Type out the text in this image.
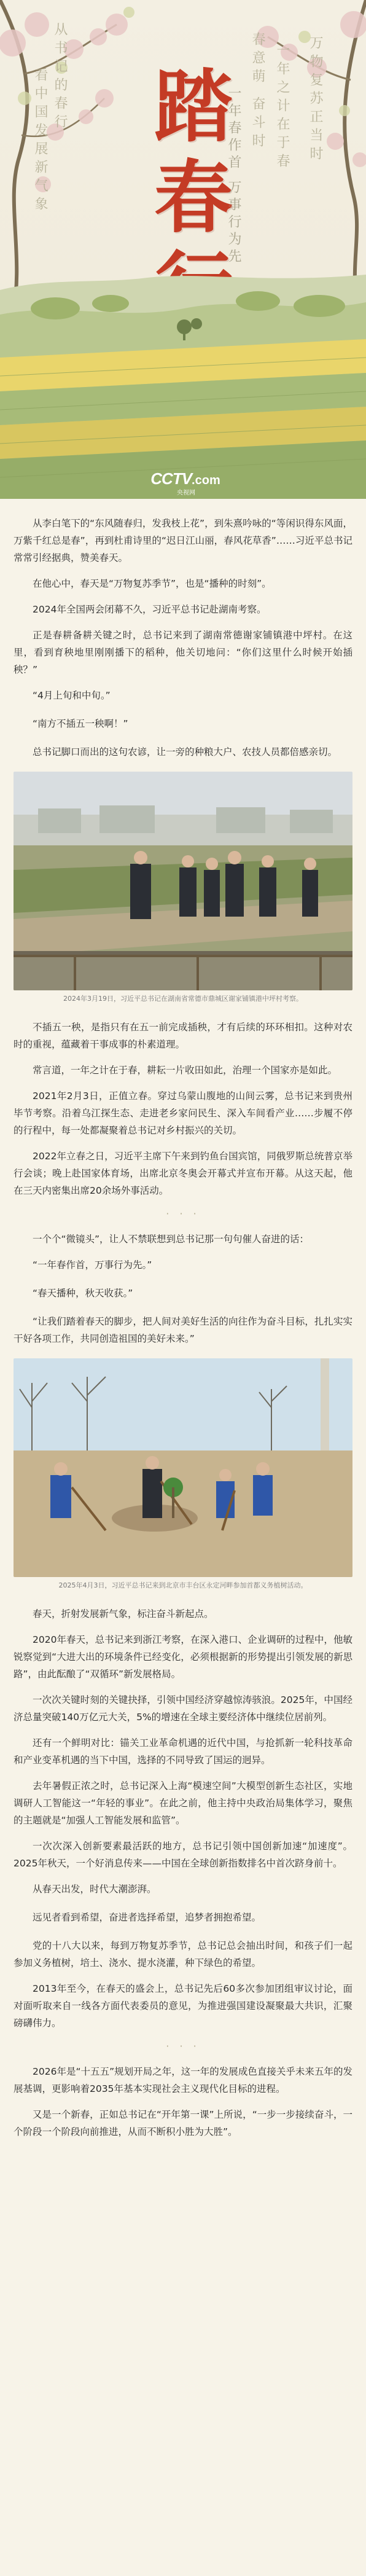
从书记的春行
看中国发展新气象	春意萌 奋斗时 一年之计在于春 万物复苏正当时
踏春
一年春作首 万事行为先
CCTV.com央视网

从李白笔下的“东风随春归，发我枝上花”，到朱熹吟咏的“等闲识得东风面，万紫千红总是春”，再到杜甫诗里的“迟日江山丽，春风花草香”……习近平总书记常常引经据典，赞美春天。

在他心中，春天是“万物复苏季节”，也是“播种的时刻”。

2024年全国两会闭幕不久，习近平总书记赴湖南考察。

正是春耕备耕关键之时，总书记来到了湖南常德谢家铺镇港中坪村。在这里，看到育秧地里刚刚播下的稻种，他关切地问：“你们这里什么时候开始插秧？”

“4月上旬和中旬。”

“南方不插五一秧啊！”

总书记脚口而出的这句农谚，让一旁的种粮大户、农技人员都倍感亲切。

2024年3月19日，习近平总书记在湖南省常德市鼎城区谢家铺镇港中坪村考察。

不插五一秧，是指只有在五一前完成插秧，才有后续的环环相扣。这种对农时的重视，蕴藏着干事成事的朴素道理。

常言道，一年之计在于春，耕耘一片收田如此，治理一个国家亦是如此。

2021年2月3日，正值立春。穿过乌蒙山腹地的山间云雾，总书记来到贵州毕节考察。沿着乌江探生态、走进老乡家问民生、深入车间看产业……步履不停的行程中，每一处都凝聚着总书记对乡村振兴的关切。

2022年立春之日，习近平主席下午来到钓鱼台国宾馆，同俄罗斯总统普京举行会谈；晚上赴国家体育场，出席北京冬奥会开幕式并宣布开幕。从这天起，他在三天内密集出席20余场外事活动。

· · ·

一个个“微镜头”，让人不禁联想到总书记那一句句催人奋进的话：

“一年春作首，万事行为先。”

“春天播种，秋天收获。”

“让我们踏着春天的脚步，把人间对美好生活的向往作为奋斗目标，扎扎实实干好各项工作，共同创造祖国的美好未来。”

2025年4月3日，习近平总书记来到北京市丰台区永定河畔参加首都义务植树活动。

春天，折射发展新气象，标注奋斗新起点。

2020年春天，总书记来到浙江考察，在深入港口、企业调研的过程中，他敏锐察觉到“大进大出的环境条件已经变化，必须根据新的形势提出引领发展的新思路”，由此酝酿了“双循环”新发展格局。

一次次关键时刻的关键抉择，引领中国经济穿越惊涛骇浪。2025年，中国经济总量突破140万亿元大关，5%的增速在全球主要经济体中继续位居前列。

还有一个鲜明对比：锚关工业革命机遇的近代中国，与抢抓新一轮科技革命和产业变革机遇的当下中国，选择的不同导致了国运的迥异。

去年暑假正浓之时，总书记深入上海“模速空间”大模型创新生态社区，实地调研人工智能这一“年轻的事业”。在此之前，他主持中央政治局集体学习，聚焦的主题就是“加强人工智能发展和监管”。

一次次深入创新要素最活跃的地方，总书记引领中国创新加速“加速度”。2025年秋天，一个好消息传来——中国在全球创新指数排名中首次跻身前十。

从春天出发，时代大潮澎湃。

远见者看到希望，奋进者选择希望，追梦者拥抱希望。

党的十八大以来，每到万物复苏季节，总书记总会抽出时间，和孩子们一起参加义务植树，培土、浇水、提水浇灌，种下绿色的希望。

2013年至今，在春天的盛会上，总书记先后60多次参加团组审议讨论，面对面听取来自一线各方面代表委员的意见，为推进强国建设凝聚最大共识，汇聚磅礴伟力。

· · ·

2026年是“十五五”规划开局之年，这一年的发展成色直接关乎未来五年的发展基调，更影响着2035年基本实现社会主义现代化目标的进程。

又是一个新春，正如总书记在“开年第一课”上所说，“一步一步接续奋斗，一个阶段一个阶段向前推进，从而不断积小胜为大胜”。
